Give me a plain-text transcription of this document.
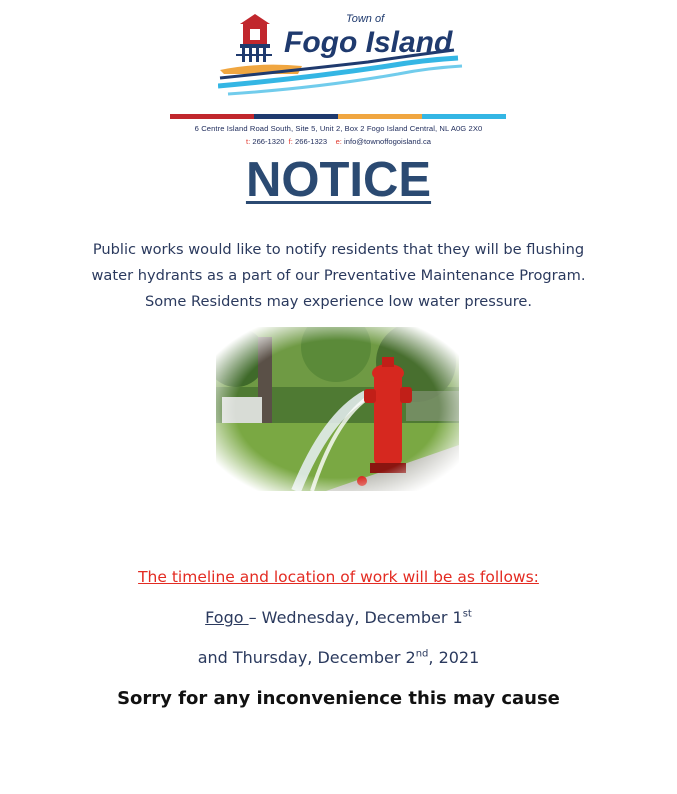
Town of
Fogo Island
6 Centre Island Road South, Site 5, Unit 2, Box 2 Fogo Island Central, NL A0G 2X0
t: 266-1320 f: 266-1323 e: info@townoffogoisland.ca
NOTICE
Public works would like to notify residents that they will be flushing
water hydrants as a part of our Preventative Maintenance Program.
Some Residents may experience low water pressure.
The timeline and location of work will be as follows:
Fogo – Wednesday, December 1st
and Thursday, December 2nd, 2021
Sorry for any inconvenience this may cause
